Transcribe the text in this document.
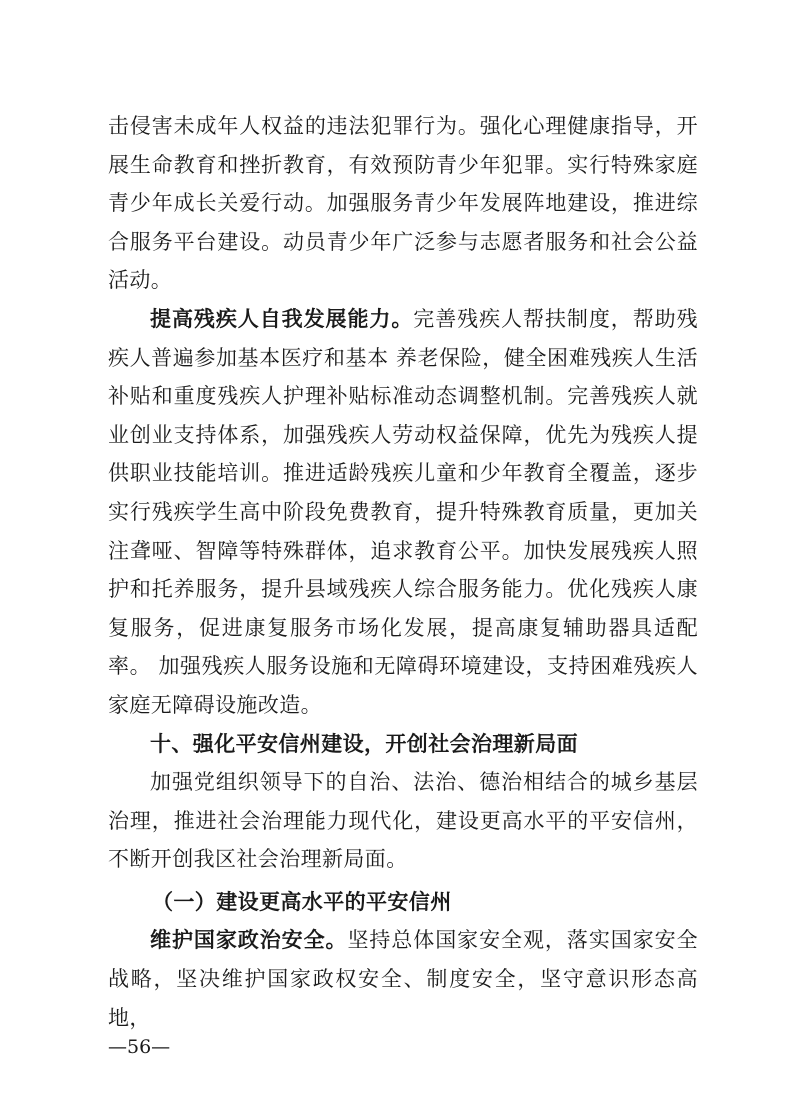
击侵害未成年人权益的违法犯罪行为。强化心理健康指导，开 展生命教育和挫折教育，有效预防青少年犯罪。实行特殊家庭 青少年成长关爱行动。加强服务青少年发展阵地建设，推进综 合服务平台建设。动员青少年广泛参与志愿者服务和社会公益 活动。

提高残疾人自我发展能力。完善残疾人帮扶制度，帮助残疾人普遍参加基本医疗和基本 养老保险，健全困难残疾人生活补贴和重度残疾人护理补贴标准动态调整机制。完善残疾人就业创业支持体系，加强残疾人劳动权益保障，优先为残疾人提供职业技能培训。推进适龄残疾儿童和少年教育全覆盖，逐步实行残疾学生高中阶段免费教育，提升特殊教育质量，更加关注聋哑、智障等特殊群体，追求教育公平。加快发展残疾人照护和托养服务，提升县域残疾人综合服务能力。优化残疾人康复服务，促进康复服务市场化发展，提高康复辅助器具适配率。 加强残疾人服务设施和无障碍环境建设，支持困难残疾人家庭无障碍设施改造。

十、强化平安信州建设，开创社会治理新局面

加强党组织领导下的自治、法治、德治相结合的城乡基层 治理，推进社会治理能力现代化，建设更高水平的平安信州， 不断开创我区社会治理新局面。

（一）建设更高水平的平安信州

维护国家政治安全。坚持总体国家安全观，落实国家安全战略，坚决维护国家政权安全、制度安全，坚守意识形态高地，

—56—
